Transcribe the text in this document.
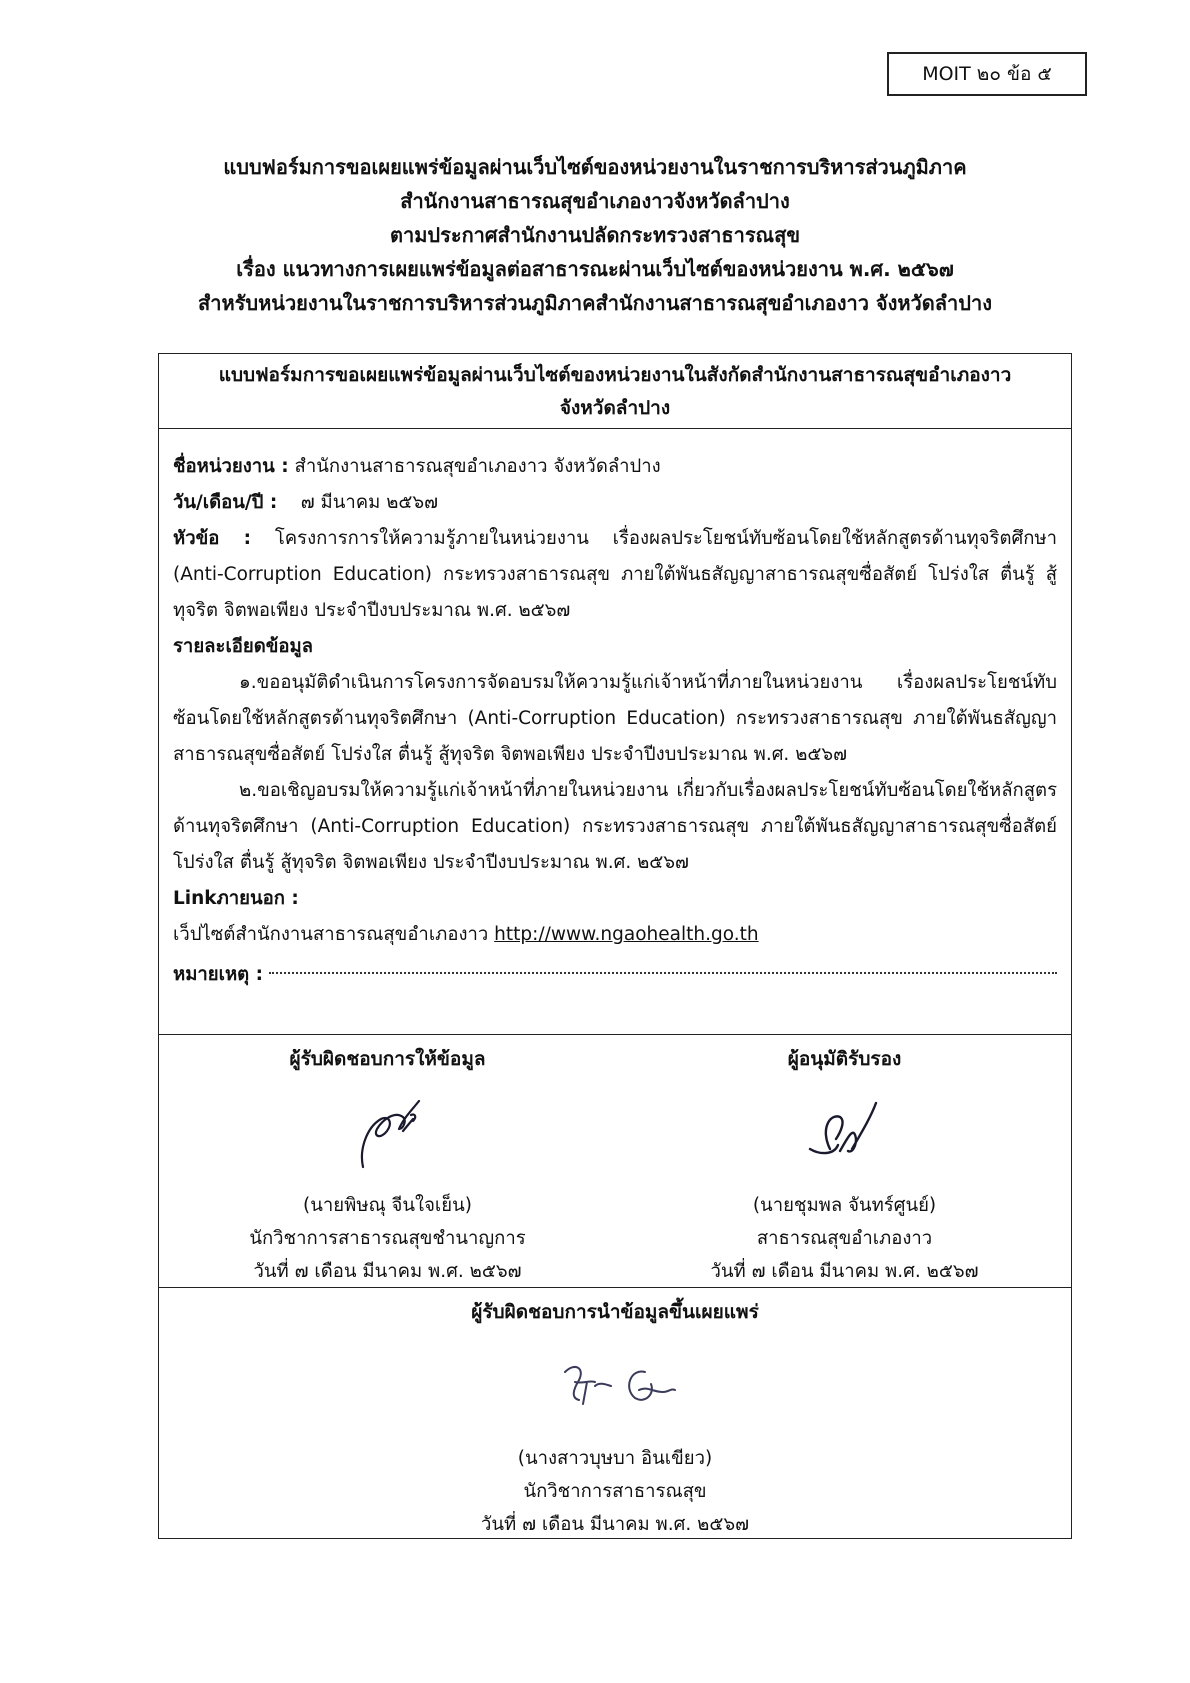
MOIT ๒๐ ข้อ ๕
แบบฟอร์มการขอเผยแพร่ข้อมูลผ่านเว็บไซต์ของหน่วยงานในราชการบริหารส่วนภูมิภาค
สำนักงานสาธารณสุขอำเภองาวจังหวัดลำปาง
ตามประกาศสำนักงานปลัดกระทรวงสาธารณสุข
เรื่อง แนวทางการเผยแพร่ข้อมูลต่อสาธารณะผ่านเว็บไซต์ของหน่วยงาน พ.ศ. ๒๕๖๗
สำหรับหน่วยงานในราชการบริหารส่วนภูมิภาคสำนักงานสาธารณสุขอำเภองาว จังหวัดลำปาง
แบบฟอร์มการขอเผยแพร่ข้อมูลผ่านเว็บไซต์ของหน่วยงานในสังกัดสำนักงานสาธารณสุขอำเภองาว
จังหวัดลำปาง

ชื่อหน่วยงาน : สำนักงานสาธารณสุขอำเภองาว จังหวัดลำปาง

วัน/เดือน/ปี : ๗ มีนาคม ๒๕๖๗

หัวข้อ : โครงการการให้ความรู้ภายในหน่วยงาน เรื่องผลประโยชน์ทับซ้อนโดยใช้หลักสูตรด้านทุจริตศึกษา (Anti-Corruption Education) กระทรวงสาธารณสุข ภายใต้พันธสัญญาสาธารณสุขซื่อสัตย์ โปร่งใส ตื่นรู้ สู้ทุจริต จิตพอเพียง ประจำปีงบประมาณ พ.ศ. ๒๕๖๗

รายละเอียดข้อมูล

๑.ขออนุมัติดำเนินการโครงการจัดอบรมให้ความรู้แก่เจ้าหน้าที่ภายในหน่วยงาน เรื่องผลประโยชน์ทับซ้อนโดยใช้หลักสูตรด้านทุจริตศึกษา (Anti-Corruption Education) กระทรวงสาธารณสุข ภายใต้พันธสัญญาสาธารณสุขซื่อสัตย์ โปร่งใส ตื่นรู้ สู้ทุจริต จิตพอเพียง ประจำปีงบประมาณ พ.ศ. ๒๕๖๗

๒.ขอเชิญอบรมให้ความรู้แก่เจ้าหน้าที่ภายในหน่วยงาน เกี่ยวกับเรื่องผลประโยชน์ทับซ้อนโดยใช้หลักสูตรด้านทุจริตศึกษา (Anti-Corruption Education) กระทรวงสาธารณสุข ภายใต้พันธสัญญาสาธารณสุขซื่อสัตย์ โปร่งใส ตื่นรู้ สู้ทุจริต จิตพอเพียง ประจำปีงบประมาณ พ.ศ. ๒๕๖๗

Linkภายนอก :

เว็ปไซต์สำนักงานสาธารณสุขอำเภองาว http://www.ngaohealth.go.th

หมายเหตุ :
ผู้รับผิดชอบการให้ข้อมูล
(นายพิษณุ จีนใจเย็น)
นักวิชาการสาธารณสุขชำนาญการ
วันที่ ๗ เดือน มีนาคม พ.ศ. ๒๕๖๗
ผู้อนุมัติรับรอง
(นายชุมพล จันทร์ศูนย์)
สาธารณสุขอำเภองาว
วันที่ ๗ เดือน มีนาคม พ.ศ. ๒๕๖๗
ผู้รับผิดชอบการนำข้อมูลขึ้นเผยแพร่
(นางสาวบุษบา อินเขียว)
นักวิชาการสาธารณสุข
วันที่ ๗ เดือน มีนาคม พ.ศ. ๒๕๖๗
